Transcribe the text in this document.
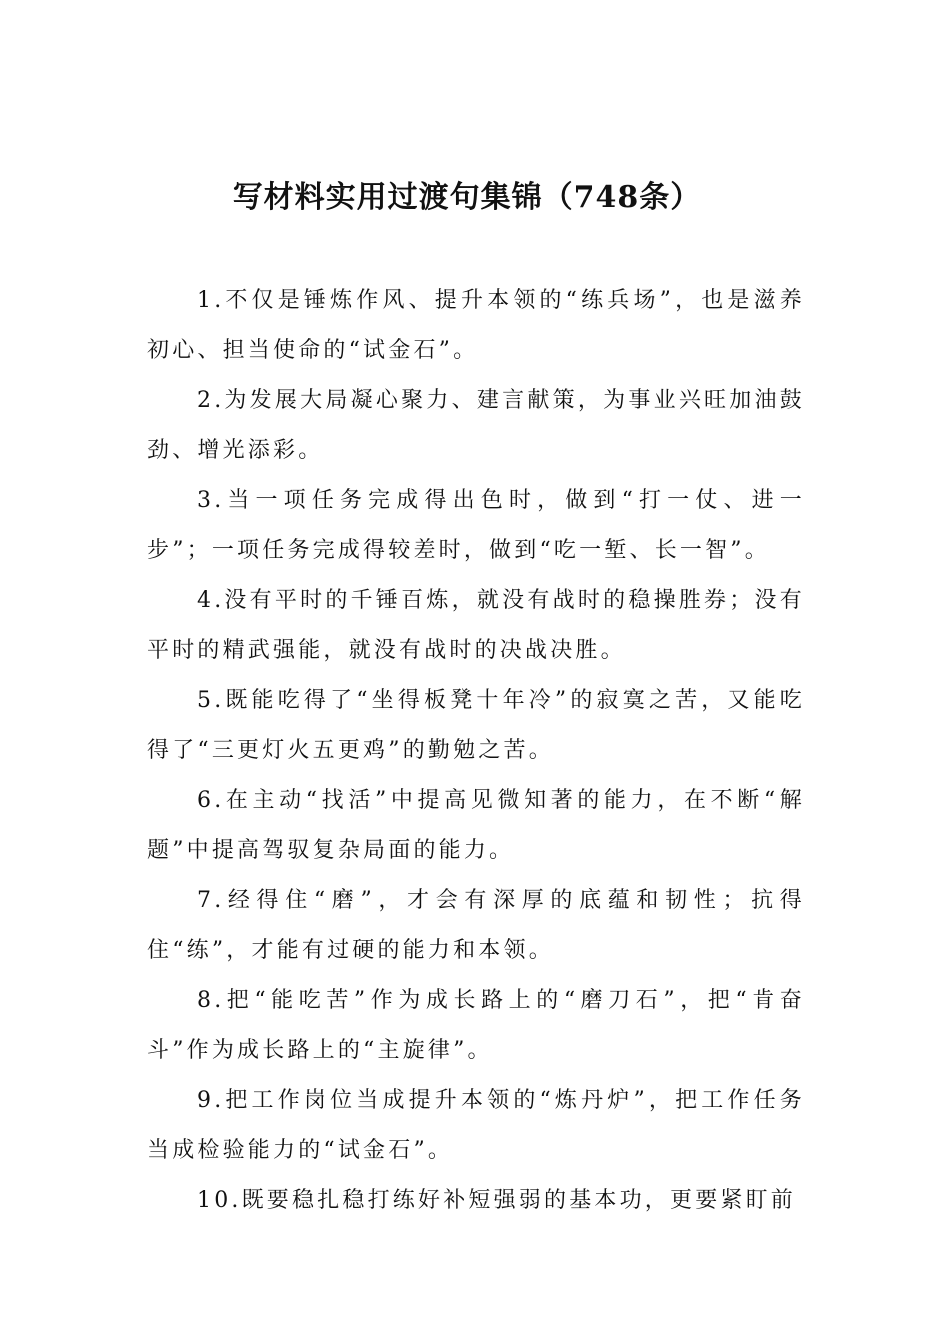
写材料实用过渡句集锦（748条）

1.不仅是锤炼作风、提升本领的“练兵场”，也是滋养初心、担当使命的“试金石”。

2.为发展大局凝心聚力、建言献策，为事业兴旺加油鼓劲、增光添彩。

3.当一项任务完成得出色时，做到“打一仗、进一步”；一项任务完成得较差时，做到“吃一堑、长一智”。

4.没有平时的千锤百炼，就没有战时的稳操胜券；没有平时的精武强能，就没有战时的决战决胜。

5.既能吃得了“坐得板凳十年冷”的寂寞之苦，又能吃得了“三更灯火五更鸡”的勤勉之苦。

6.在主动“找活”中提高见微知著的能力，在不断“解题”中提高驾驭复杂局面的能力。

7.经得住“磨”，才会有深厚的底蕴和韧性；抗得住“练”，才能有过硬的能力和本领。

8.把“能吃苦”作为成长路上的“磨刀石”，把“肯奋斗”作为成长路上的“主旋律”。

9.把工作岗位当成提升本领的“炼丹炉”，把工作任务当成检验能力的“试金石”。

10.既要稳扎稳打练好补短强弱的基本功，更要紧盯前
